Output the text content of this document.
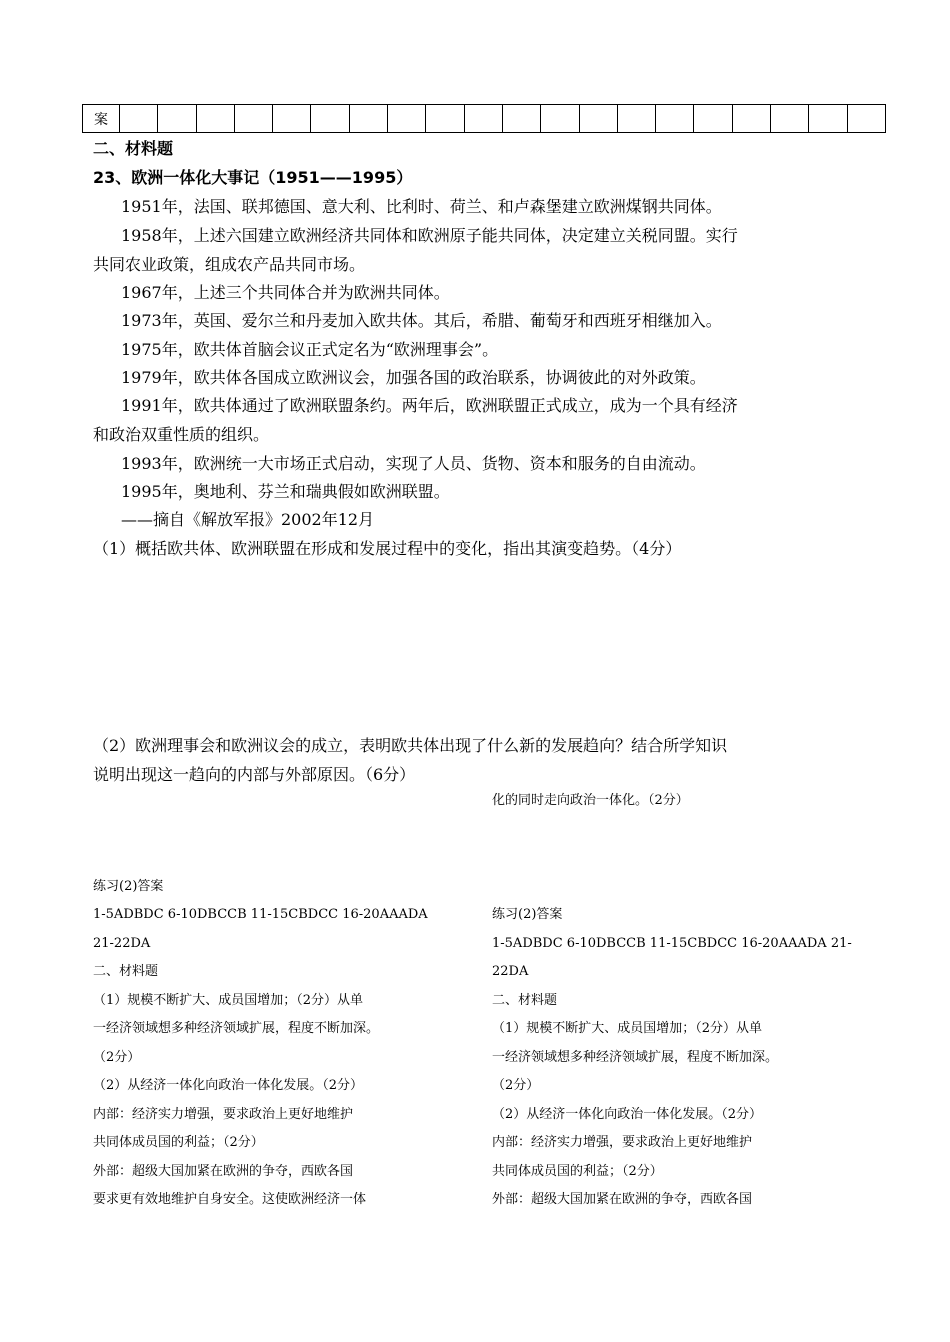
案																				
二、材料题
23、欧洲一体化大事记（1951——1995）
1951年，法国、联邦德国、意大利、比利时、荷兰、和卢森堡建立欧洲煤钢共同体。
1958年，上述六国建立欧洲经济共同体和欧洲原子能共同体，决定建立关税同盟。实行
共同农业政策，组成农产品共同市场。
1967年，上述三个共同体合并为欧洲共同体。
1973年，英国、爱尔兰和丹麦加入欧共体。其后，希腊、葡萄牙和西班牙相继加入。
1975年，欧共体首脑会议正式定名为“欧洲理事会”。
1979年，欧共体各国成立欧洲议会，加强各国的政治联系，协调彼此的对外政策。
1991年，欧共体通过了欧洲联盟条约。两年后，欧洲联盟正式成立，成为一个具有经济
和政治双重性质的组织。
1993年，欧洲统一大市场正式启动，实现了人员、货物、资本和服务的自由流动。
1995年，奥地利、芬兰和瑞典假如欧洲联盟。
——摘自《解放军报》2002年12月
（1）概括欧共体、欧洲联盟在形成和发展过程中的变化，指出其演变趋势。（4分）
（2）欧洲理事会和欧洲议会的成立，表明欧共体出现了什么新的发展趋向？结合所学知识
说明出现这一趋向的内部与外部原因。（6分）
化的同时走向政治一体化。（2分）
练习(2)答案
1-5ADBDC 6-10DBCCB 11-15CBDCC 16-20AAADA
21-22DA
二、材料题
（1）规模不断扩大、成员国增加；（2分）从单
一经济领域想多种经济领域扩展，程度不断加深。
（2分）
（2）从经济一体化向政治一体化发展。（2分）
内部：经济实力增强，要求政治上更好地维护
共同体成员国的利益；（2分）
外部：超级大国加紧在欧洲的争夺，西欧各国
要求更有效地维护自身安全。这使欧洲经济一体
练习(2)答案
1-5ADBDC 6-10DBCCB 11-15CBDCC 16-20AAADA 21-
22DA
二、材料题
（1）规模不断扩大、成员国增加；（2分）从单
一经济领域想多种经济领域扩展，程度不断加深。
（2分）
（2）从经济一体化向政治一体化发展。（2分）
内部：经济实力增强，要求政治上更好地维护
共同体成员国的利益；（2分）
外部：超级大国加紧在欧洲的争夺，西欧各国
